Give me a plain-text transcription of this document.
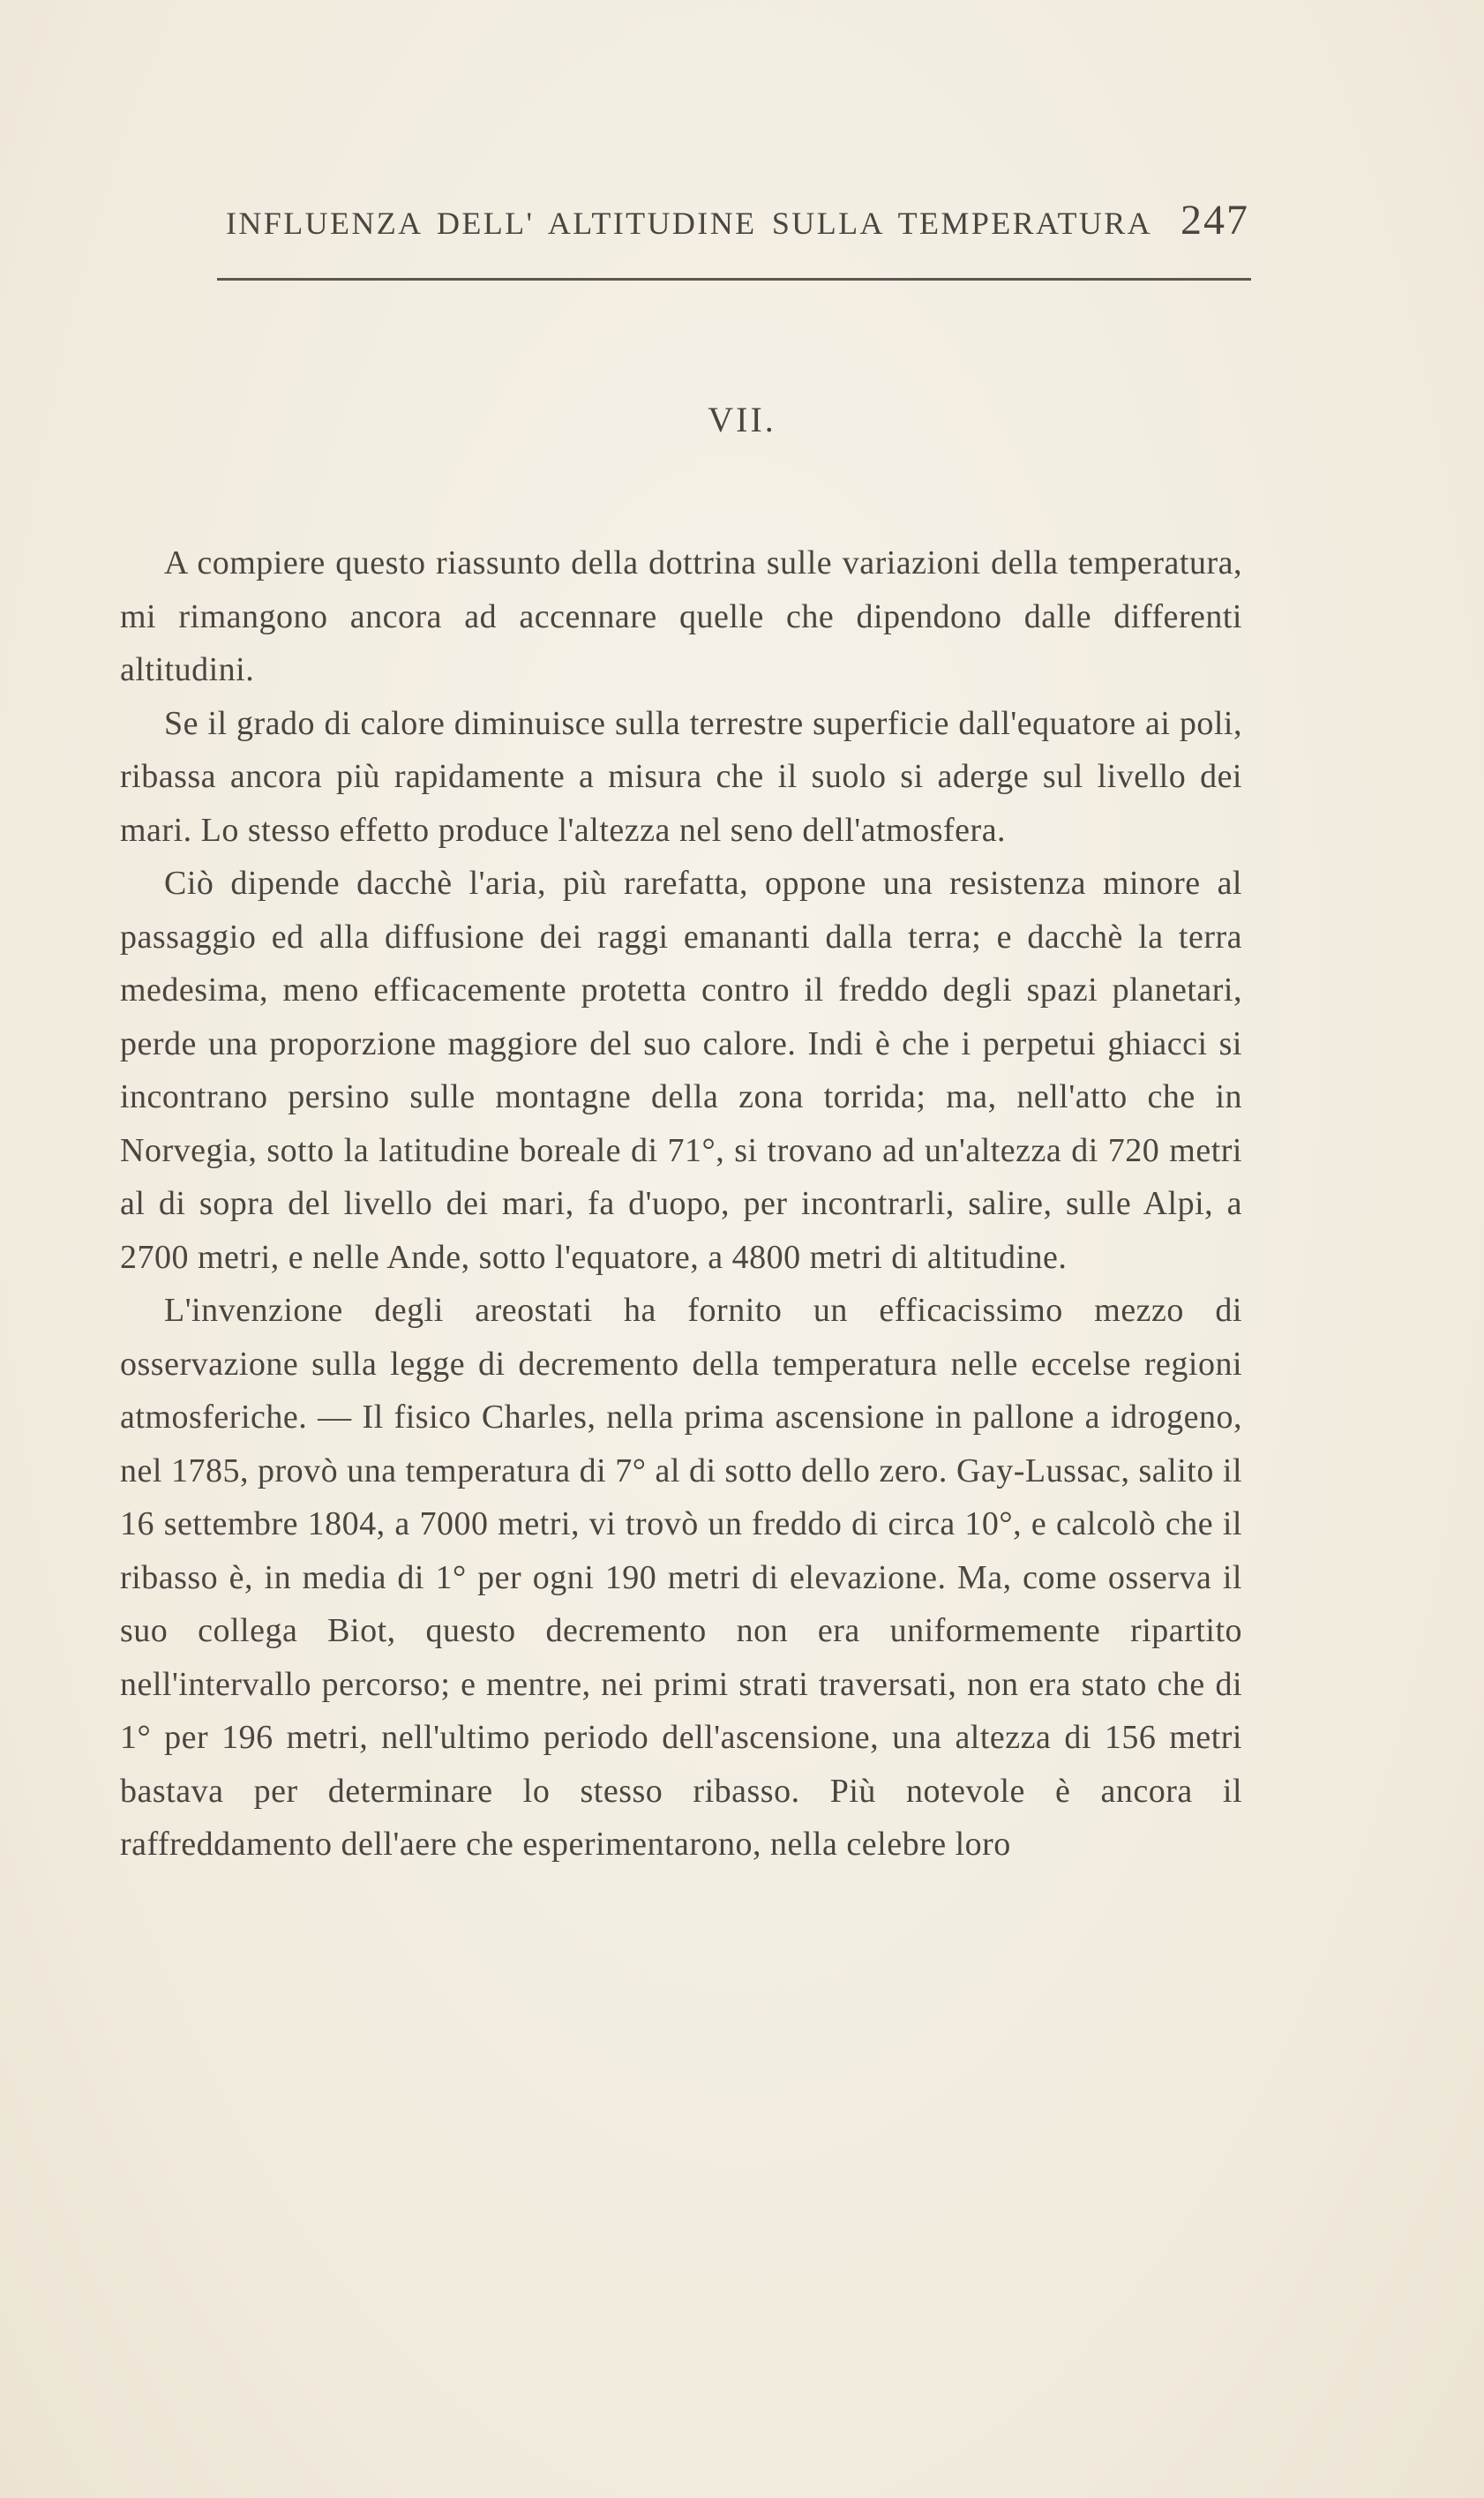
INFLUENZA DELL' ALTITUDINE SULLA TEMPERATURA 247
VII.

A compiere questo riassunto della dottrina sulle variazioni della temperatura, mi rimangono ancora ad accennare quelle che dipendono dalle differenti altitudini.

Se il grado di calore diminuisce sulla terrestre superficie dall'equatore ai poli, ribassa ancora più rapidamente a misura che il suolo si aderge sul livello dei mari. Lo stesso effetto produce l'altezza nel seno dell'atmosfera.

Ciò dipende dacchè l'aria, più rarefatta, oppone una resistenza minore al passaggio ed alla diffusione dei raggi emananti dalla terra; e dacchè la terra medesima, meno efficacemente protetta contro il freddo degli spazi planetari, perde una proporzione maggiore del suo calore. Indi è che i perpetui ghiacci si incontrano persino sulle montagne della zona torrida; ma, nell'atto che in Norvegia, sotto la latitudine boreale di 71°, si trovano ad un'altezza di 720 metri al di sopra del livello dei mari, fa d'uopo, per incontrarli, salire, sulle Alpi, a 2700 metri, e nelle Ande, sotto l'equatore, a 4800 metri di altitudine.

L'invenzione degli areostati ha fornito un efficacissimo mezzo di osservazione sulla legge di decremento della temperatura nelle eccelse regioni atmosferiche. — Il fisico Charles, nella prima ascensione in pallone a idrogeno, nel 1785, provò una temperatura di 7° al di sotto dello zero. Gay-Lussac, salito il 16 settembre 1804, a 7000 metri, vi trovò un freddo di circa 10°, e calcolò che il ribasso è, in media di 1° per ogni 190 metri di elevazione. Ma, come osserva il suo collega Biot, questo decremento non era uniformemente ripartito nell'intervallo percorso; e mentre, nei primi strati traversati, non era stato che di 1° per 196 metri, nell'ultimo periodo dell'ascensione, una altezza di 156 metri bastava per determinare lo stesso ribasso. Più notevole è ancora il raffreddamento dell'aere che esperimentarono, nella celebre loro
